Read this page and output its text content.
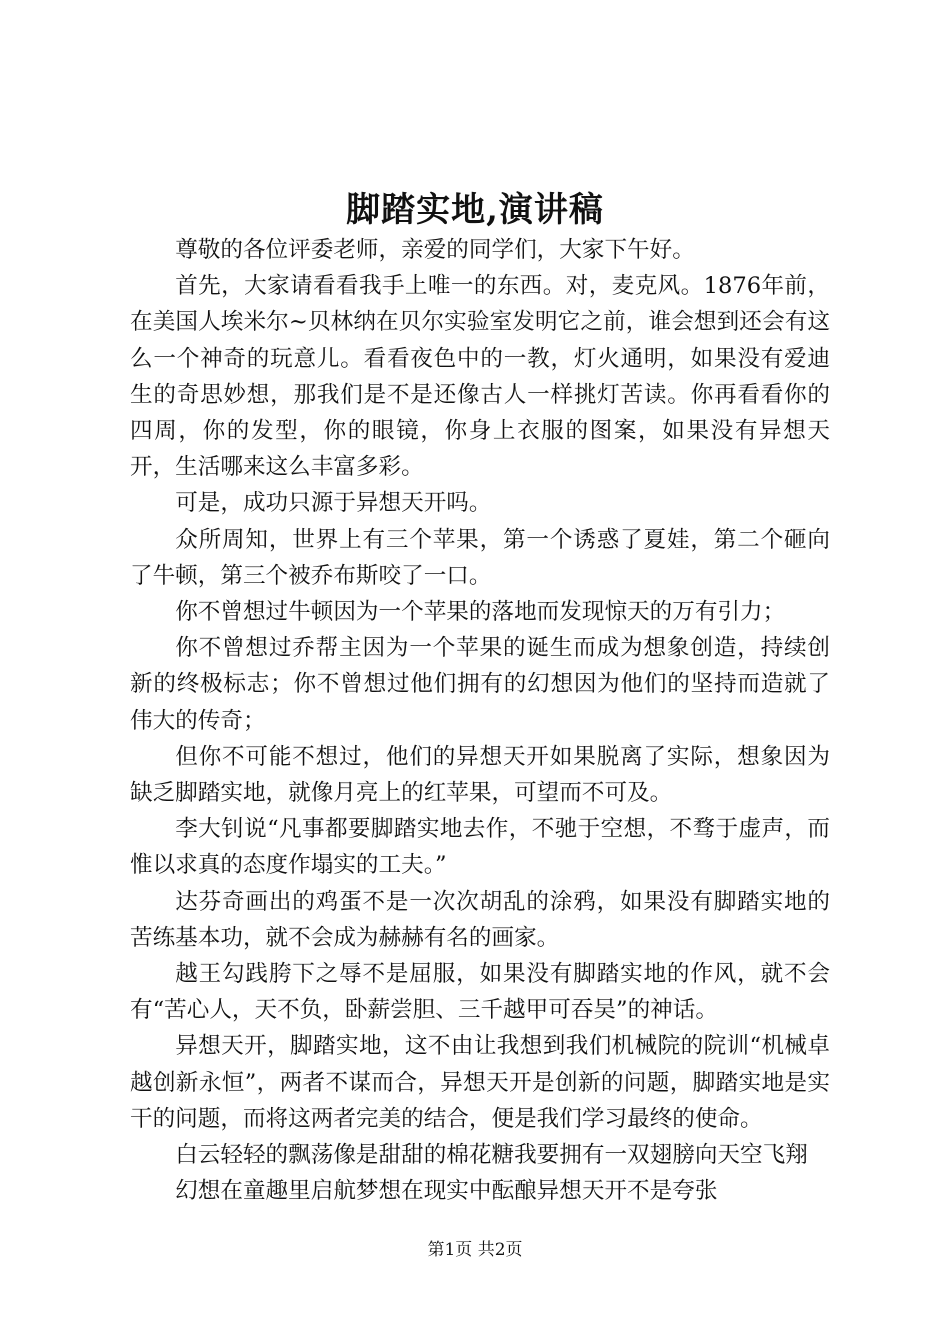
脚踏实地,演讲稿

尊敬的各位评委老师，亲爱的同学们，大家下午好。

首先，大家请看看我手上唯一的东西。对，麦克风。1876年前，在美国人埃米尔~贝林纳在贝尔实验室发明它之前，谁会想到还会有这么一个神奇的玩意儿。看看夜色中的一教，灯火通明，如果没有爱迪生的奇思妙想，那我们是不是还像古人一样挑灯苦读。你再看看你的四周，你的发型，你的眼镜，你身上衣服的图案，如果没有异想天开，生活哪来这么丰富多彩。

可是，成功只源于异想天开吗。

众所周知，世界上有三个苹果，第一个诱惑了夏娃，第二个砸向了牛顿，第三个被乔布斯咬了一口。

你不曾想过牛顿因为一个苹果的落地而发现惊天的万有引力；

你不曾想过乔帮主因为一个苹果的诞生而成为想象创造，持续创新的终极标志；你不曾想过他们拥有的幻想因为他们的坚持而造就了伟大的传奇；

但你不可能不想过，他们的异想天开如果脱离了实际，想象因为缺乏脚踏实地，就像月亮上的红苹果，可望而不可及。

李大钊说“凡事都要脚踏实地去作，不驰于空想，不骛于虚声，而惟以求真的态度作塌实的工夫。”

达芬奇画出的鸡蛋不是一次次胡乱的涂鸦，如果没有脚踏实地的苦练基本功，就不会成为赫赫有名的画家。

越王勾践胯下之辱不是屈服，如果没有脚踏实地的作风，就不会有“苦心人，天不负，卧薪尝胆、三千越甲可吞吴”的神话。

异想天开，脚踏实地，这不由让我想到我们机械院的院训“机械卓越创新永恒”，两者不谋而合，异想天开是创新的问题，脚踏实地是实干的问题，而将这两者完美的结合，便是我们学习最终的使命。

白云轻轻的飘荡像是甜甜的棉花糖我要拥有一双翅膀向天空飞翔

幻想在童趣里启航梦想在现实中酝酿异想天开不是夸张

第1页 共2页
